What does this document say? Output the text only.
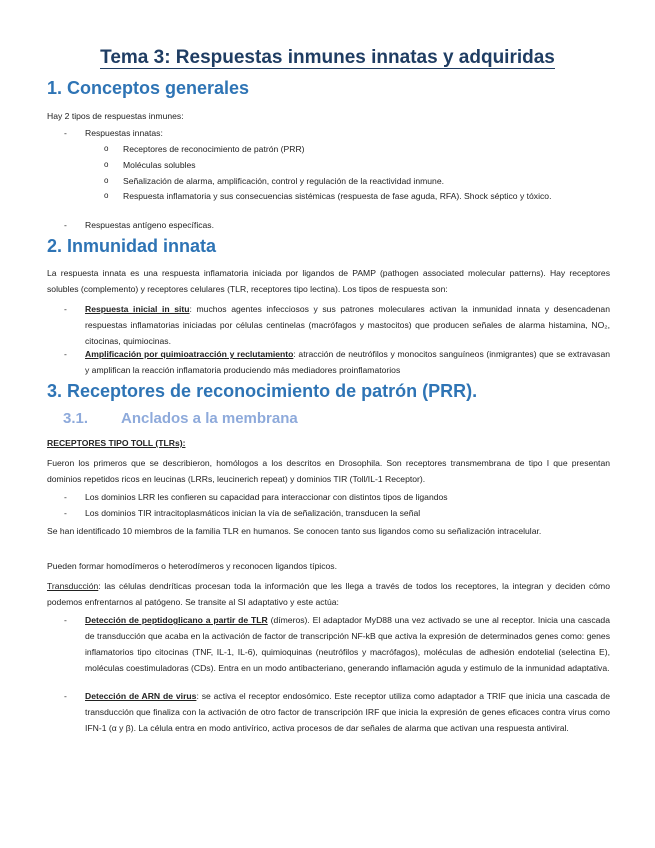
Tema 3: Respuestas inmunes innatas y adquiridas
1. Conceptos generales

Hay 2 tipos de respuestas inmunes:

- Respuestas innatas:

o Receptores de reconocimiento de patrón (PRR)

o Moléculas solubles

o Señalización de alarma, amplificación, control y regulación de la reactividad inmune.

o Respuesta inflamatoria y sus consecuencias sistémicas (respuesta de fase aguda, RFA). Shock séptico y tóxico.

- Respuestas antígeno específicas.

2. Inmunidad innata

La respuesta innata es una respuesta inflamatoria iniciada por ligandos de PAMP (pathogen associated molecular patterns). Hay receptores solubles (complemento) y receptores celulares (TLR, receptores tipo lectina). Los tipos de respuesta son:

- Respuesta inicial in situ: muchos agentes infecciosos y sus patrones moleculares activan la inmunidad innata y desencadenan respuestas inflamatorias iniciadas por células centinelas (macrófagos y mastocitos) que producen señales de alarma histamina, NO₂, citocinas, quimiocinas.

- Amplificación por quimioatracción y reclutamiento: atracción de neutrófilos y monocitos sanguíneos (inmigrantes) que se extravasan y amplifican la reacción inflamatoria produciendo más mediadores proinflamatorios

3. Receptores de reconocimiento de patrón (PRR).
3.1. Anclados a la membrana

RECEPTORES TIPO TOLL (TLRs):

Fueron los primeros que se describieron, homólogos a los descritos en Drosophila. Son receptores transmembrana de tipo I que presentan dominios repetidos ricos en leucinas (LRRs, leucinerich repeat) y dominios TIR (Toll/IL-1 Receptor).

- Los dominios LRR les confieren su capacidad para interaccionar con distintos tipos de ligandos

- Los dominios TIR intracitoplasmáticos inician la vía de señalización, transducen la señal

Se han identificado 10 miembros de la familia TLR en humanos. Se conocen tanto sus ligandos como su señalización intracelular.

Pueden formar homodímeros o heterodímeros y reconocen ligandos típicos.

Transducción: las células dendríticas procesan toda la información que les llega a través de todos los receptores, la integran y deciden cómo podemos enfrentarnos al patógeno. Se transite al SI adaptativo y este actúa:

- Detección de peptidoglicano a partir de TLR (dímeros). El adaptador MyD88 una vez activado se une al receptor. Inicia una cascada de transducción que acaba en la activación de factor de transcripción NF-kB que activa la expresión de determinados genes como: genes inflamatorios tipo citocinas (TNF, IL-1, IL-6), quimioquinas (neutrófilos y macrófagos), moléculas de adhesión endotelial (selectina E), moléculas coestimuladoras (CDs). Entra en un modo antibacteriano, generando inflamación aguda y estimulo de la inmunidad adaptativa.

- Detección de ARN de virus: se activa el receptor endosómico. Este receptor utiliza como adaptador a TRIF que inicia una cascada de transducción que finaliza con la activación de otro factor de transcripción IRF que inicia la expresión de genes eficaces contra virus como IFN-1 (α y β). La célula entra en modo antivírico, activa procesos de dar señales de alarma que activan una respuesta antiviral.
